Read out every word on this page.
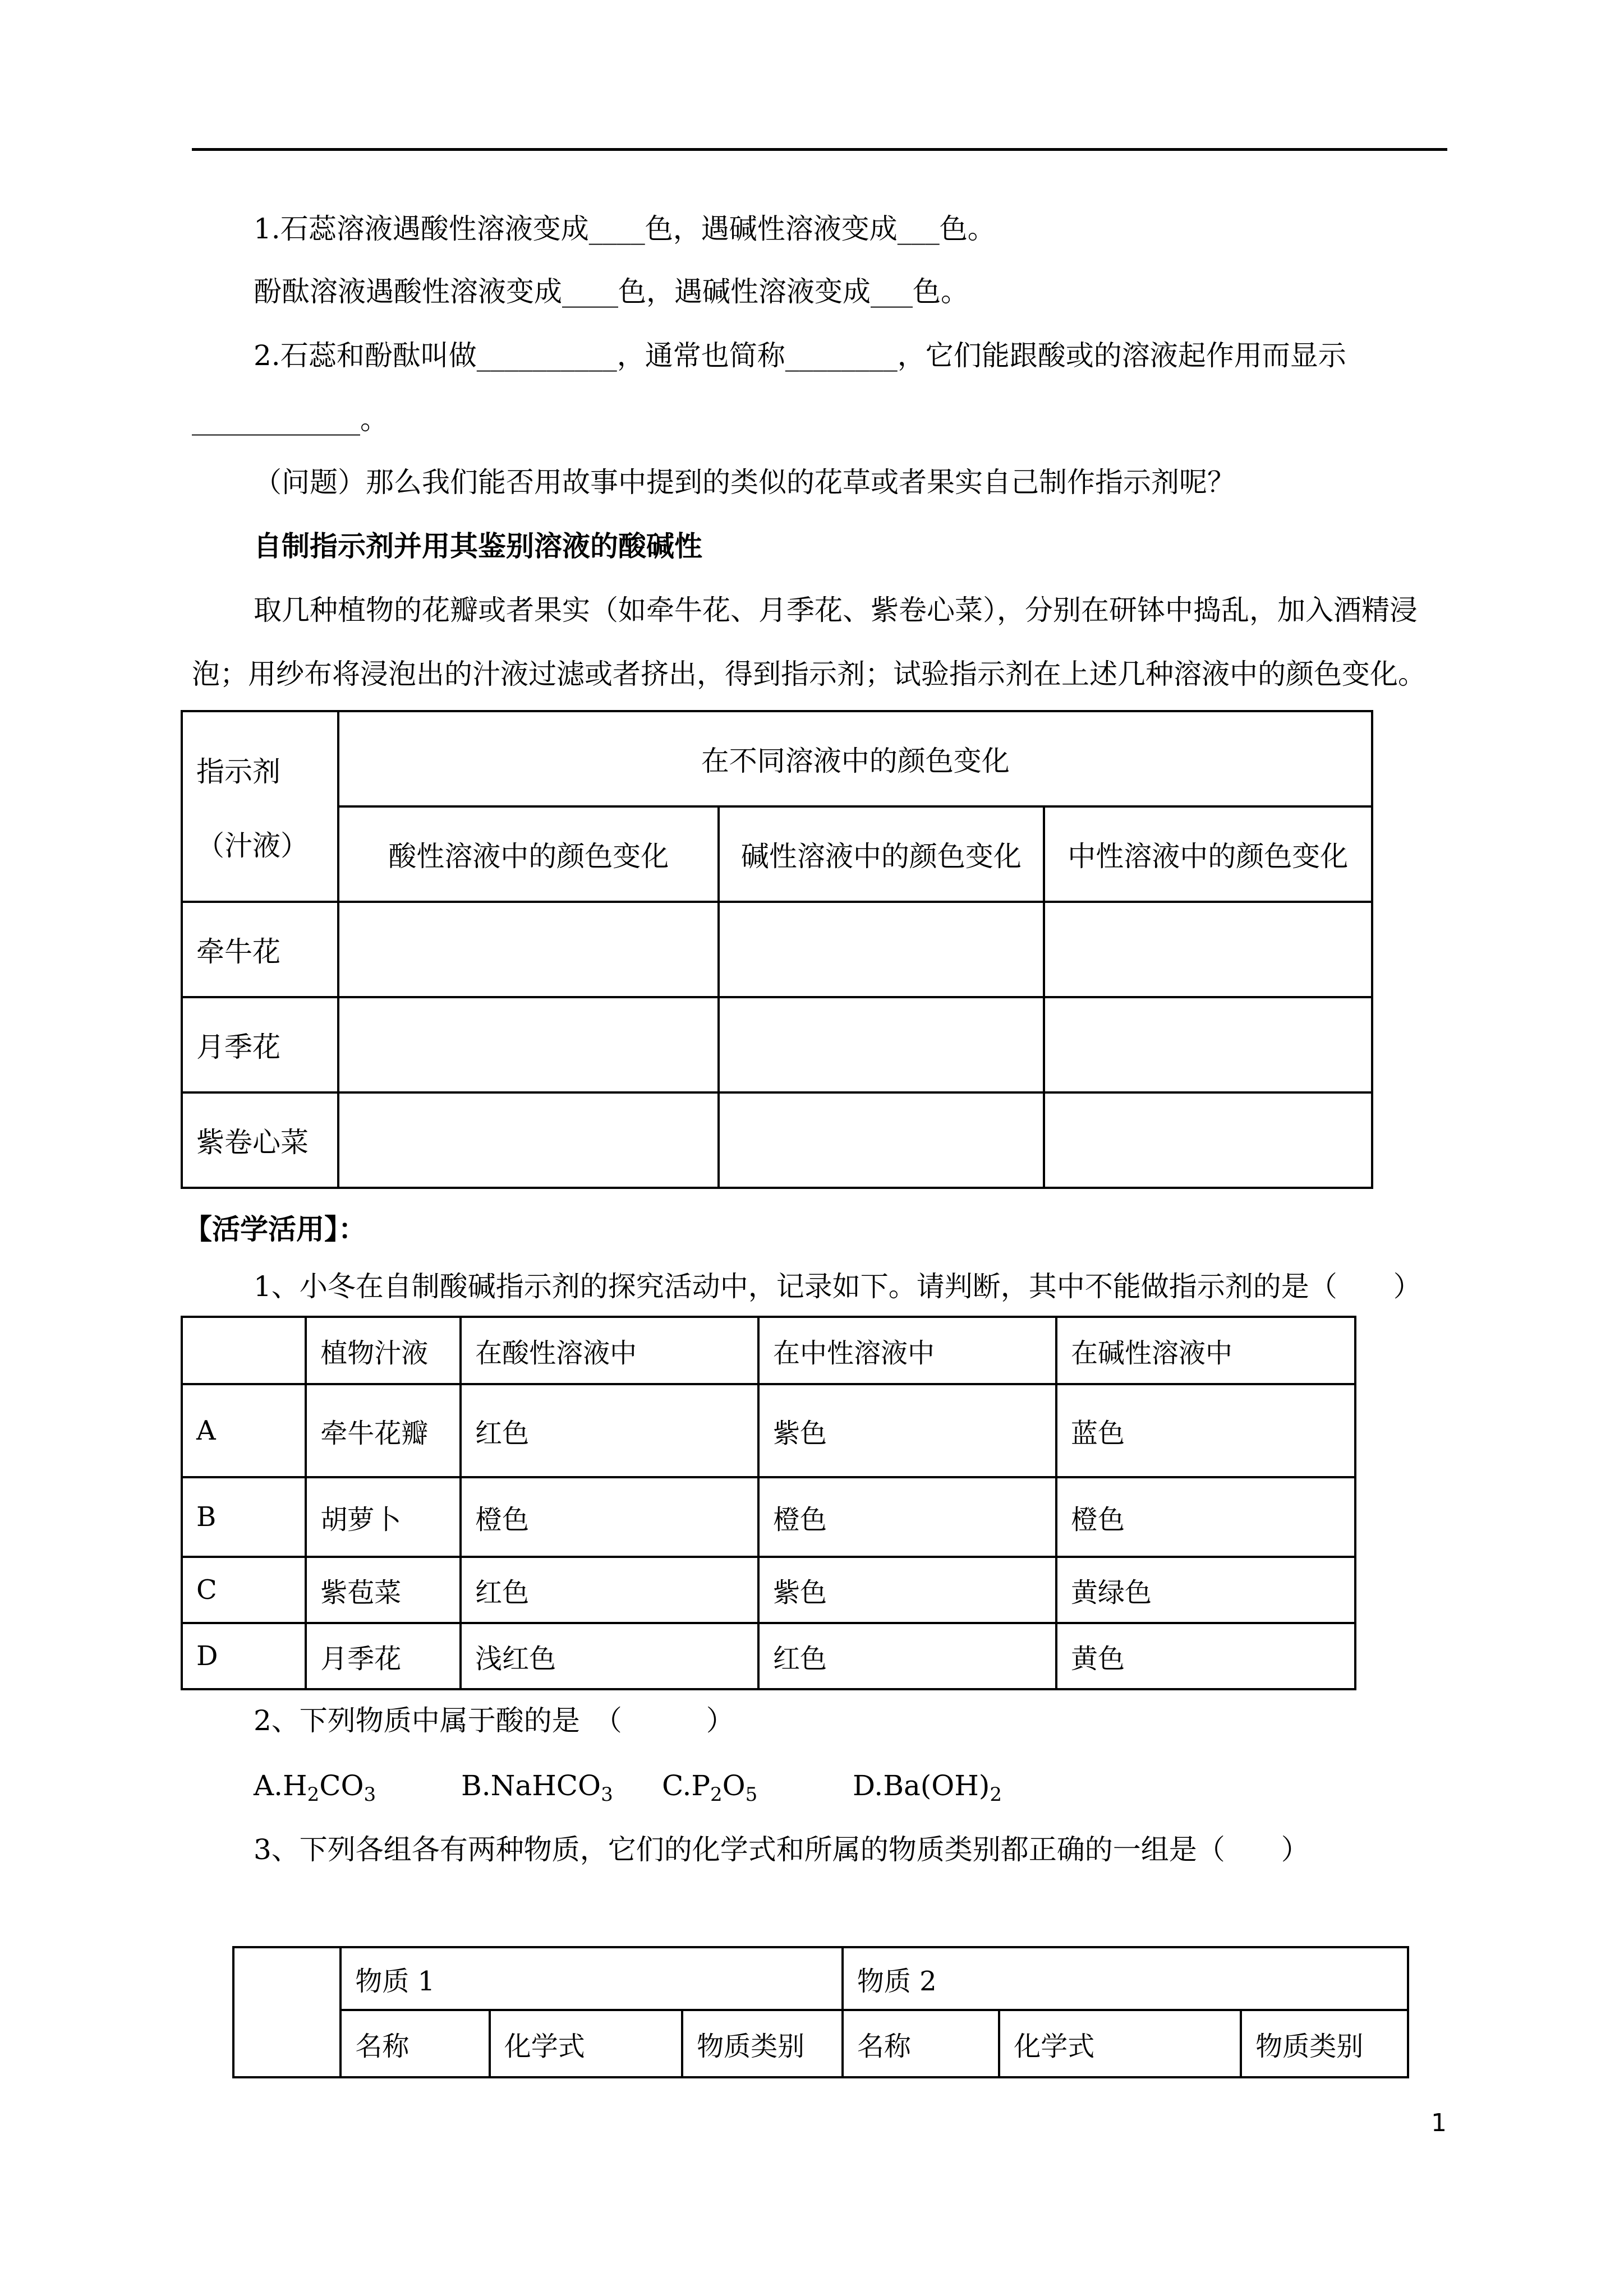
1.石蕊溶液遇酸性溶液变成____色，遇碱性溶液变成___色。
酚酞溶液遇酸性溶液变成____色，遇碱性溶液变成___色。
2.石蕊和酚酞叫做__________，通常也简称________，它们能跟酸或的溶液起作用而显示
____________。
（问题）那么我们能否用故事中提到的类似的花草或者果实自己制作指示剂呢？
自制指示剂并用其鉴别溶液的酸碱性
取几种植物的花瓣或者果实（如牵牛花、月季花、紫卷心菜），分别在研钵中捣乱，加入酒精浸
泡；用纱布将浸泡出的汁液过滤或者挤出，得到指示剂；试验指示剂在上述几种溶液中的颜色变化。
指示剂
（汁液）	在不同溶液中的颜色变化		
	酸性溶液中的颜色变化	碱性溶液中的颜色变化	中性溶液中的颜色变化
牵牛花			
月季花			
紫卷心菜			
【活学活用】：
1、小冬在自制酸碱指示剂的探究活动中，记录如下。请判断，其中不能做指示剂的是（　　）
	植物汁液	在酸性溶液中	在中性溶液中	在碱性溶液中
A	牵牛花瓣	红色	紫色	蓝色
B	胡萝卜	橙色	橙色	橙色
C	紫苞菜	红色	紫色	黄绿色
D	月季花	浅红色	红色	黄色
2、下列物质中属于酸的是　（　　　）
$A.H_2CO_3$	B.NaHCO$_3$ $C.P_2O_5$	$D.Ba(OH)_2$
3、下列各组各有两种物质，它们的化学式和所属的物质类别都正确的一组是（　　）
	物质 1			物质 2		
	名称	化学式	物质类别	名称	化学式	物质类别
1
